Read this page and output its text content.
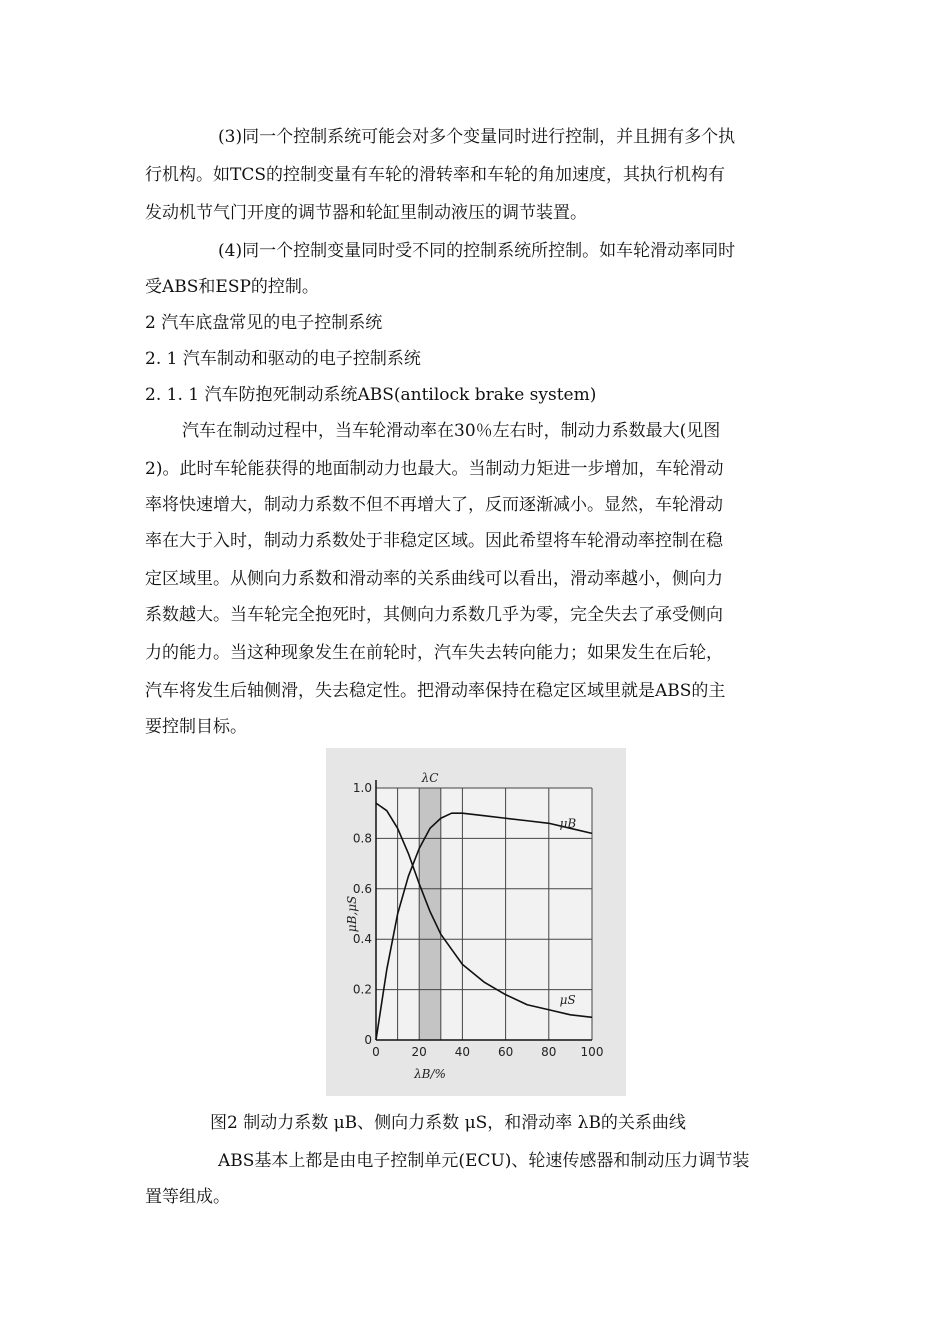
(3)同一个控制系统可能会对多个变量同时进行控制，并且拥有多个执
行机构。如TCS的控制变量有车轮的滑转率和车轮的角加速度，其执行机构有
发动机节气门开度的调节器和轮缸里制动液压的调节装置。
(4)同一个控制变量同时受不同的控制系统所控制。如车轮滑动率同时
受ABS和ESP的控制。
2 汽车底盘常见的电子控制系统
2. 1 汽车制动和驱动的电子控制系统
2. 1. 1 汽车防抱死制动系统ABS(antilock brake system)
汽车在制动过程中，当车轮滑动率在30％左右时，制动力系数最大(见图
2)。此时车轮能获得的地面制动力也最大。当制动力矩进一步增加，车轮滑动
率将快速增大，制动力系数不但不再增大了，反而逐渐减小。显然，车轮滑动
率在大于入时，制动力系数处于非稳定区域。因此希望将车轮滑动率控制在稳
定区域里。从侧向力系数和滑动率的关系曲线可以看出，滑动率越小，侧向力
系数越大。当车轮完全抱死时，其侧向力系数几乎为零，完全失去了承受侧向
力的能力。当这种现象发生在前轮时，汽车失去转向能力；如果发生在后轮，
汽车将发生后轴侧滑，失去稳定性。把滑动率保持在稳定区域里就是ABS的主
要控制目标。
0
0.2
0.4
0.6
0.8
1.0
0	20 40 60 80 100
λB/%
μB,μS
λC
μB
μS
图2 制动力系数 μB、侧向力系数 μS，和滑动率 λB的关系曲线
ABS基本上都是由电子控制单元(ECU)、轮速传感器和制动压力调节装
置等组成。
